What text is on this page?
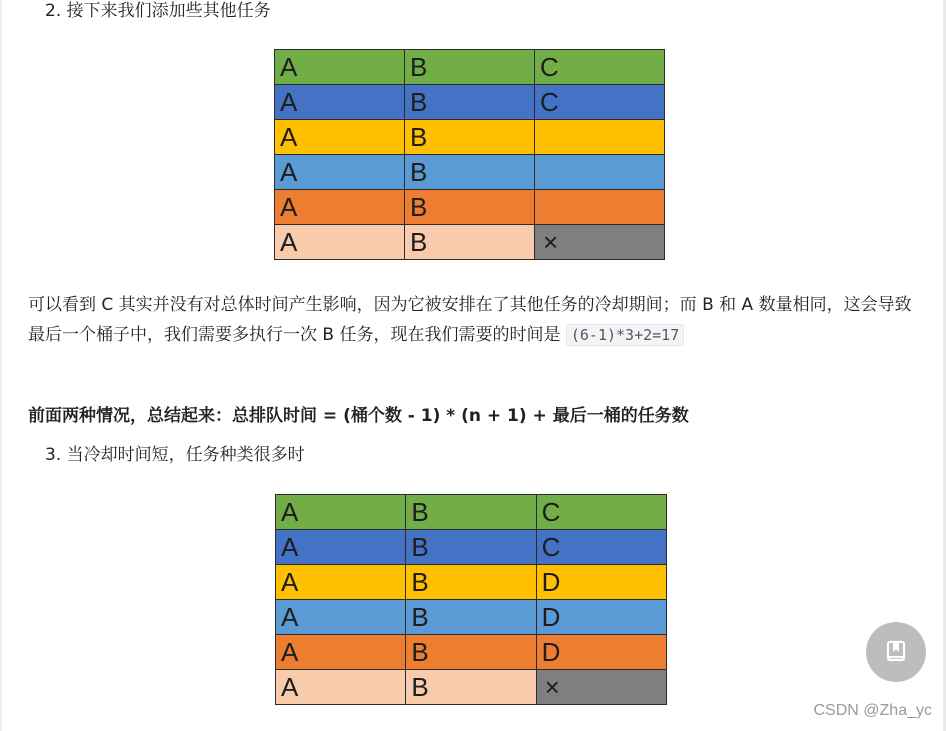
2. 接下来我们添加些其他任务
A	B	C
A	B	C
A	B	
A	B	
A	B	
A	B	×
可以看到 C 其实并没有对总体时间产生影响，因为它被安排在了其他任务的冷却期间；而 B 和 A 数量相同，这会导致最后一个桶子中，我们需要多执行一次 B 任务，现在我们需要的时间是 (6-1)*3+2=17
前面两种情况，总结起来：总排队时间 = (桶个数 - 1) * (n + 1) + 最后一桶的任务数
3. 当冷却时间短，任务种类很多时
A	B	C
A	B	C
A	B	D
A	B	D
A	B	D
A	B	×
CSDN @Zha_yc
